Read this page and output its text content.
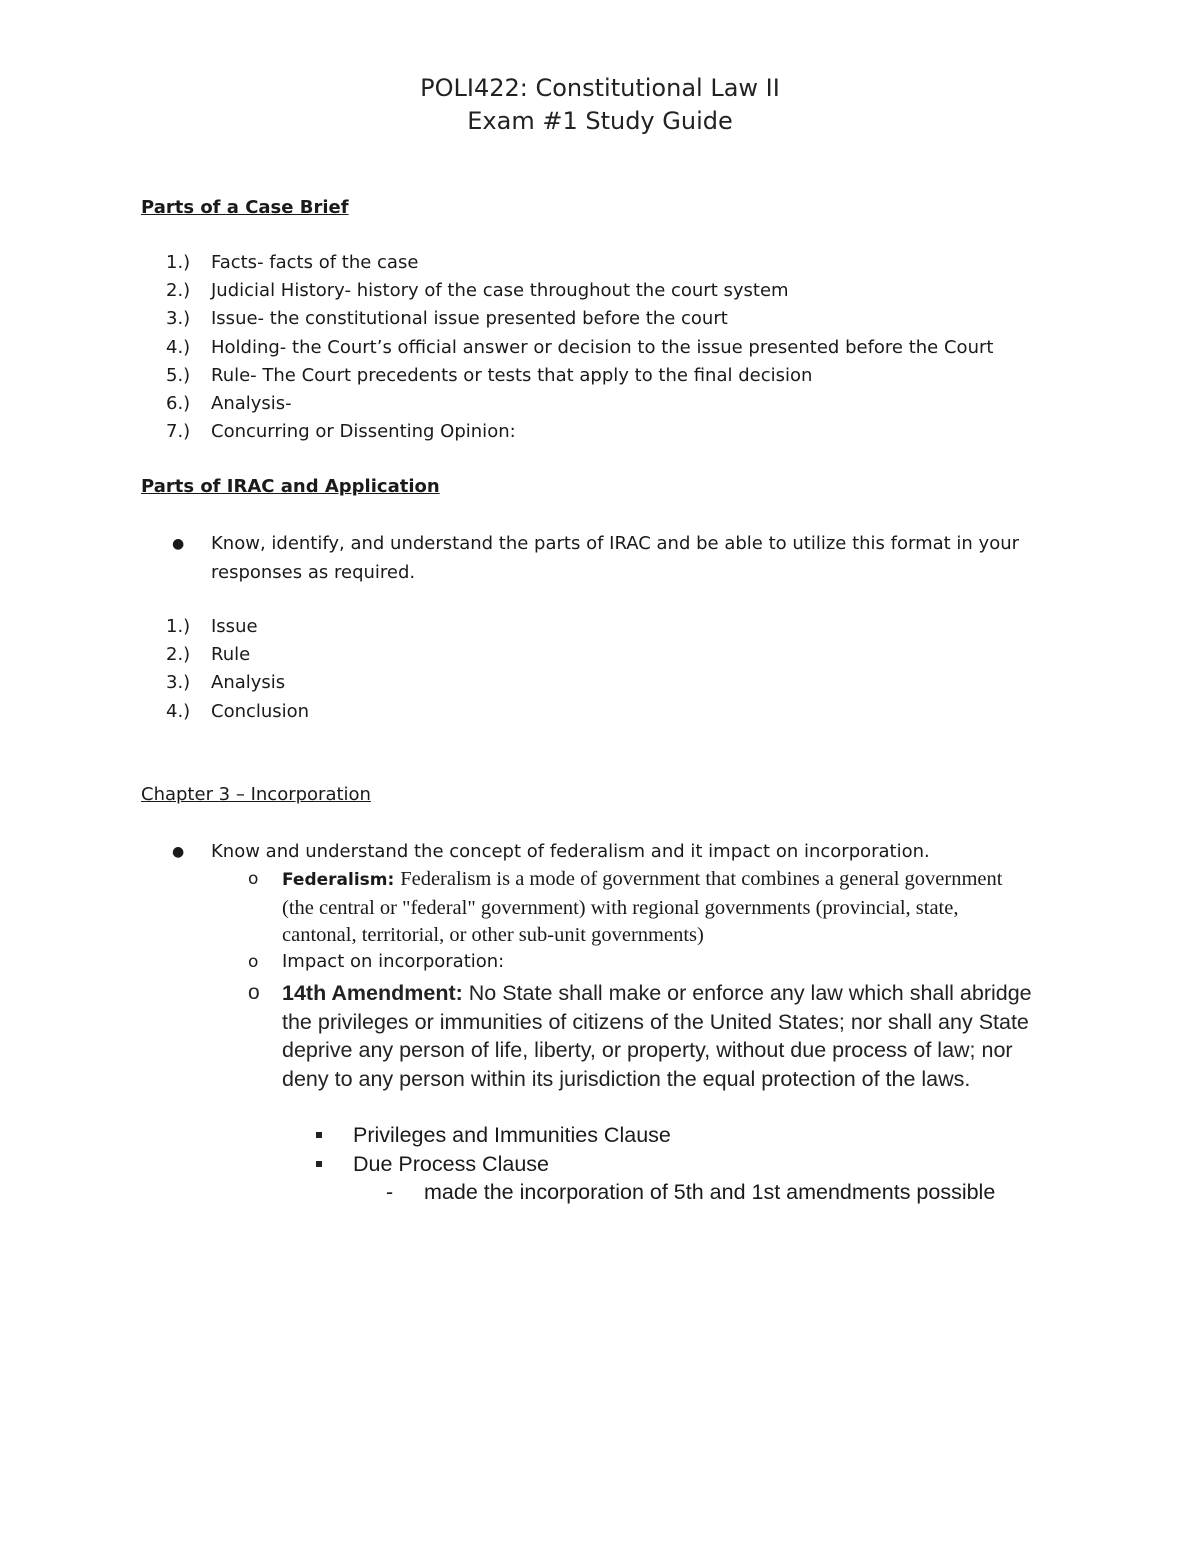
POLI422: Constitutional Law II
Exam #1 Study Guide
Parts of a Case Brief
1.) Facts- facts of the case
2.) Judicial History- history of the case throughout the court system
3.) Issue- the constitutional issue presented before the court
4.) Holding- the Court’s official answer or decision to the issue presented before the Court
5.) Rule- The Court precedents or tests that apply to the final decision
6.) Analysis-
7.) Concurring or Dissenting Opinion:
Parts of IRAC and Application
● Know, identify, and understand the parts of IRAC and be able to utilize this format in your responses as required.
1.) Issue
2.) Rule
3.) Analysis
4.) Conclusion
Chapter 3 – Incorporation
● Know and understand the concept of federalism and it impact on incorporation.
o Federalism: Federalism is a mode of government that combines a general government (the central or "federal" government) with regional governments (provincial, state, cantonal, territorial, or other sub-unit governments)
o Impact on incorporation:
o 14th Amendment: No State shall make or enforce any law which shall abridge the privileges or immunities of citizens of the United States; nor shall any State deprive any person of life, liberty, or property, without due process of law; nor deny to any person within its jurisdiction the equal protection of the laws.
Privileges and Immunities Clause
Due Process Clause
- made the incorporation of 5th and 1st amendments possible
